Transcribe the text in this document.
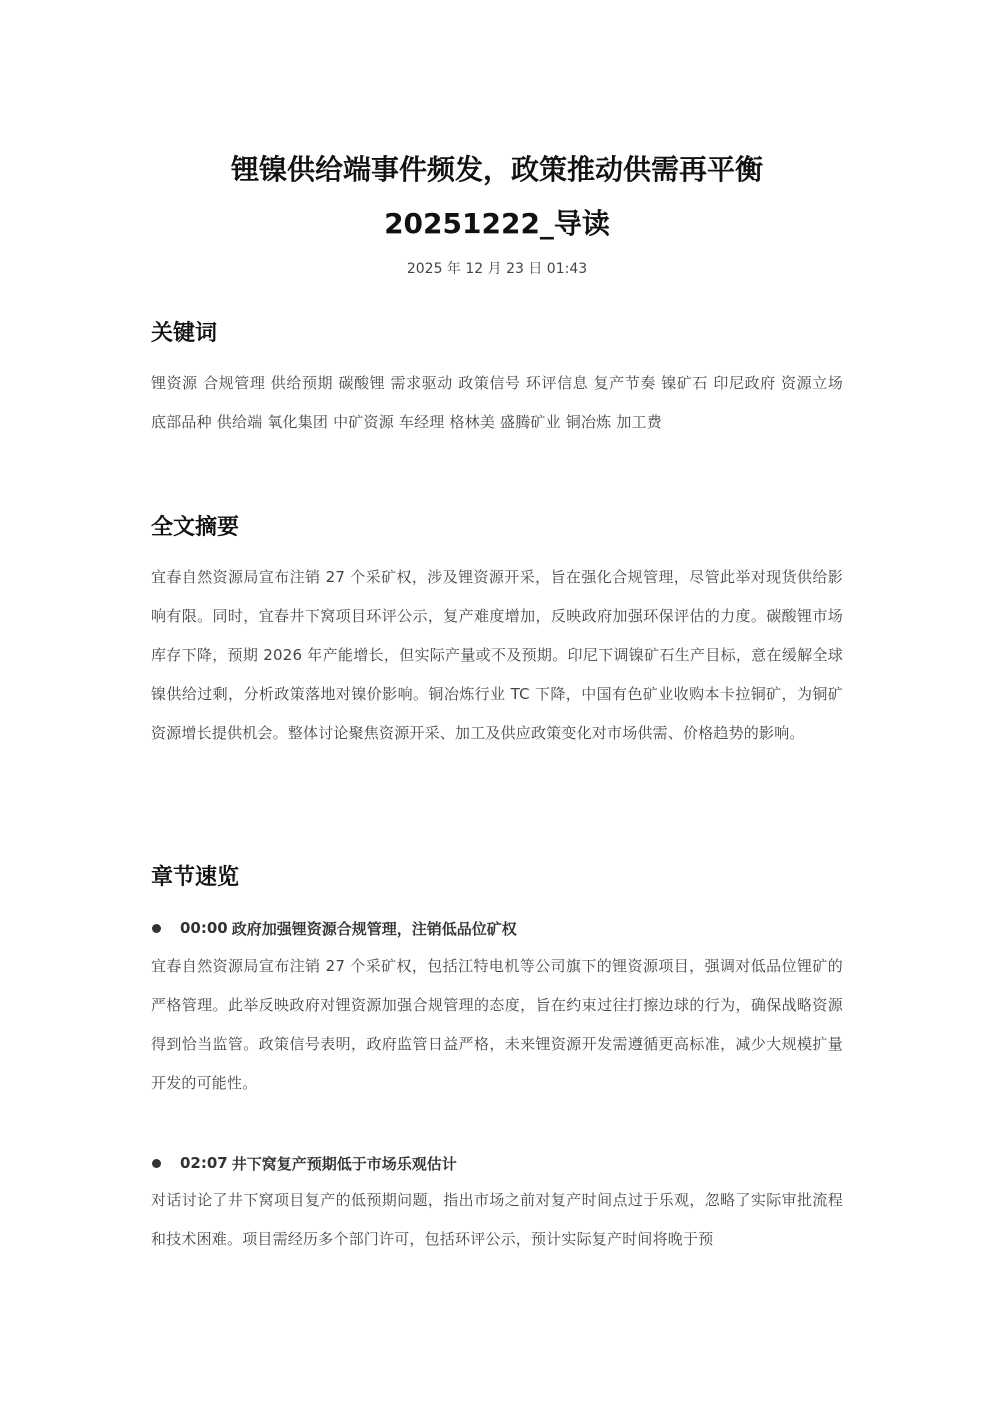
锂镍供给端事件频发，政策推动供需再平衡
20251222_导读
2025 年 12 月 23 日 01:43
关键词

锂资源 合规管理 供给预期 碳酸锂 需求驱动 政策信号 环评信息 复产节奏 镍矿石 印尼政府 资源立场 底部品种 供给端 氧化集团 中矿资源 车经理 格林美 盛腾矿业 铜冶炼 加工费

全文摘要

宜春自然资源局宣布注销 27 个采矿权，涉及锂资源开采，旨在强化合规管理，尽管此举对现货供给影响有限。同时，宜春井下窝项目环评公示，复产难度增加，反映政府加强环保评估的力度。碳酸锂市场库存下降，预期 2026 年产能增长，但实际产量或不及预期。印尼下调镍矿石生产目标，意在缓解全球镍供给过剩，分析政策落地对镍价影响。铜冶炼行业 TC 下降，中国有色矿业收购本卡拉铜矿，为铜矿资源增长提供机会。整体讨论聚焦资源开采、加工及供应政策变化对市场供需、价格趋势的影响。

章节速览
00:00 政府加强锂资源合规管理，注销低品位矿权

宜春自然资源局宣布注销 27 个采矿权，包括江特电机等公司旗下的锂资源项目，强调对低品位锂矿的严格管理。此举反映政府对锂资源加强合规管理的态度，旨在约束过往打擦边球的行为，确保战略资源得到恰当监管。政策信号表明，政府监管日益严格，未来锂资源开发需遵循更高标准，减少大规模扩量开发的可能性。

02:07 井下窝复产预期低于市场乐观估计

对话讨论了井下窝项目复产的低预期问题，指出市场之前对复产时间点过于乐观，忽略了实际审批流程和技术困难。项目需经历多个部门许可，包括环评公示，预计实际复产时间将晚于预
